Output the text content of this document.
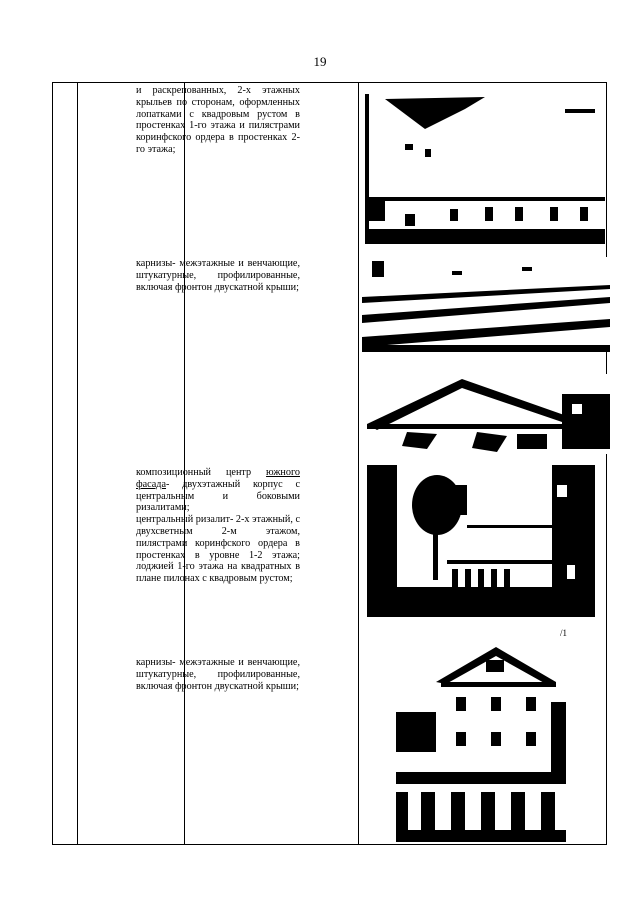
19

и раскрепованных, 2-х этажных крыльев по сторонам, оформленных лопатками с квадровым рустом в простенках 1-го этажа и пилястрами коринфского ордера в простенках 2- го этажа;

карнизы- межэтажные и венчающие, штукатурные, профилированные, включая фронтон двускатной крыши;

композиционный центр южного фасада- двухэтажный корпус с центральным и боковыми ризалитами;

центральный ризалит- 2-х этажный, с двухсветным 2-м этажом, пилястрами коринфского ордера в простенках в уровне 1-2 этажа; лоджией 1-го этажа на квадратных в плане пилонах с квадровым рустом;

карнизы- межэтажные и венчающие, штукатурные, профилированные, включая фронтон двускатной крыши;

/1
